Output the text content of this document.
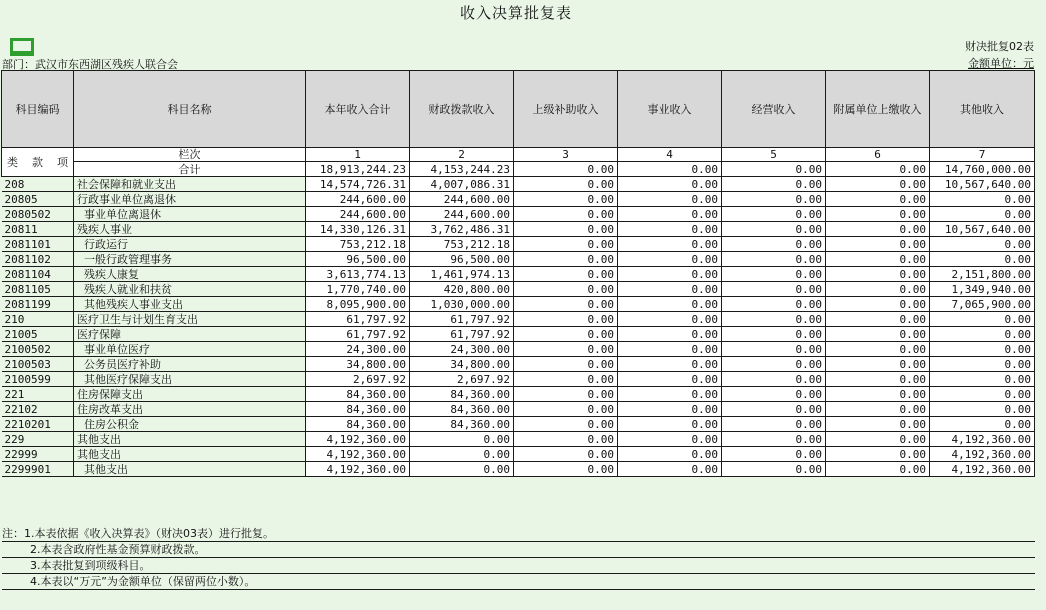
收入决算批复表
财决批复02表
部门：武汉市东西湖区残疾人联合会	金额单位：元
科目编码	科目名称	本年收入合计	财政拨款收入	上级补助收入	事业收入	经营收入	附属单位上缴收入	其他收入

类 款 项	栏次	1	2	3	4	5	6	7
	合计	18,913,244.23	4,153,244.23	0.00	0.00	0.00	0.00	14,760,000.00
208	社会保障和就业支出	14,574,726.31	4,007,086.31	0.00	0.00	0.00	0.00	10,567,640.00
20805	行政事业单位离退休	244,600.00	244,600.00	0.00	0.00	0.00	0.00	0.00
2080502	事业单位离退休	244,600.00	244,600.00	0.00	0.00	0.00	0.00	0.00
20811	残疾人事业	14,330,126.31	3,762,486.31	0.00	0.00	0.00	0.00	10,567,640.00
2081101	行政运行	753,212.18	753,212.18	0.00	0.00	0.00	0.00	0.00
2081102	一般行政管理事务	96,500.00	96,500.00	0.00	0.00	0.00	0.00	0.00
2081104	残疾人康复	3,613,774.13	1,461,974.13	0.00	0.00	0.00	0.00	2,151,800.00
2081105	残疾人就业和扶贫	1,770,740.00	420,800.00	0.00	0.00	0.00	0.00	1,349,940.00
2081199	其他残疾人事业支出	8,095,900.00	1,030,000.00	0.00	0.00	0.00	0.00	7,065,900.00
210	医疗卫生与计划生育支出	61,797.92	61,797.92	0.00	0.00	0.00	0.00	0.00
21005	医疗保障	61,797.92	61,797.92	0.00	0.00	0.00	0.00	0.00
2100502	事业单位医疗	24,300.00	24,300.00	0.00	0.00	0.00	0.00	0.00
2100503	公务员医疗补助	34,800.00	34,800.00	0.00	0.00	0.00	0.00	0.00
2100599	其他医疗保障支出	2,697.92	2,697.92	0.00	0.00	0.00	0.00	0.00
221	住房保障支出	84,360.00	84,360.00	0.00	0.00	0.00	0.00	0.00
22102	住房改革支出	84,360.00	84,360.00	0.00	0.00	0.00	0.00	0.00
2210201	住房公积金	84,360.00	84,360.00	0.00	0.00	0.00	0.00	0.00
229	其他支出	4,192,360.00	0.00	0.00	0.00	0.00	0.00	4,192,360.00
22999	其他支出	4,192,360.00	0.00	0.00	0.00	0.00	0.00	4,192,360.00
2299901	其他支出	4,192,360.00	0.00	0.00	0.00	0.00	0.00	4,192,360.00
注：1.本表依据《收入决算表》（财决03表）进行批复。
2.本表含政府性基金预算财政拨款。
3.本表批复到项级科目。
4.本表以“万元”为金额单位（保留两位小数）。
